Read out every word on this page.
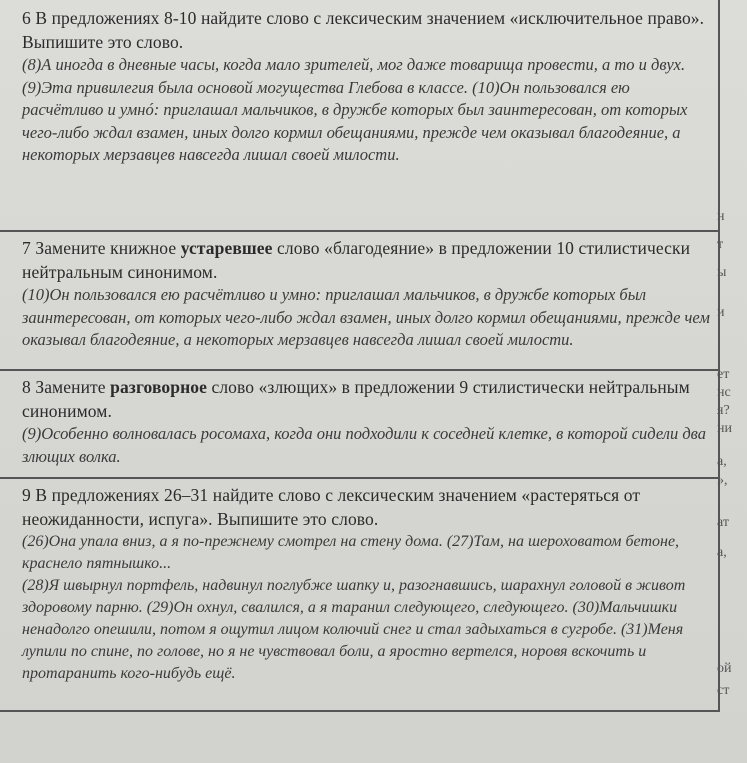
6 В предложениях 8-10 найдите слово с лексическим значением «исключительное право». Выпишите это слово.

(8)А иногда в дневные часы, когда мало зрителей, мог даже товарища провести, а то и двух.

(9)Эта привилегия была основой могущества Глебова в классе. (10)Он пользовался ею расчётливо и умнó: приглашал мальчиков, в дружбе которых был заинтересован, от которых чего-либо ждал взамен, иных долго кормил обещаниями, прежде чем оказывал благодеяние, а некоторых мерзавцев навсегда лишал своей милости.

7 Замените книжное устаревшее слово «благодеяние» в предложении 10 стилистически нейтральным синонимом.

(10)Он пользовался ею расчётливо и умно: приглашал мальчиков, в дружбе которых был заинтересован, от которых чего-либо ждал взамен, иных долго кормил обещаниями, прежде чем оказывал благодеяние, а некоторых мерзавцев навсегда лишал своей милости.

8 Замените разговорное слово «злющих» в предложении 9 стилистически нейтральным синонимом.

(9)Особенно волновалась росомаха, когда они подходили к соседней клетке, в которой сидели два злющих волка.

9 В предложениях 26–31 найдите слово с лексическим значением «растеряться от неожиданности, испуга». Выпишите это слово.

(26)Она упала вниз, а я по-прежнему смотрел на стену дома. (27)Там, на шероховатом бетоне, краснело пятнышко...

(28)Я швырнул портфель, надвинул поглубже шапку и, разогнавшись, шарахнул головой в живот здоровому парню. (29)Он охнул, свалился, а я таранил следующего, следующего. (30)Мальчишки ненадолго опешили, потом я ощутил лицом колючий снег и стал задыхаться в сугробе. (31)Меня лупили по спине, по голове, но я не чувствовал боли, а яростно вертелся, норовя вскочить и протаранить кого-нибудь ещё.

н
т
ы
и
ет
нс
я?
ни
а,
»,
ат
а,
ой
ст
